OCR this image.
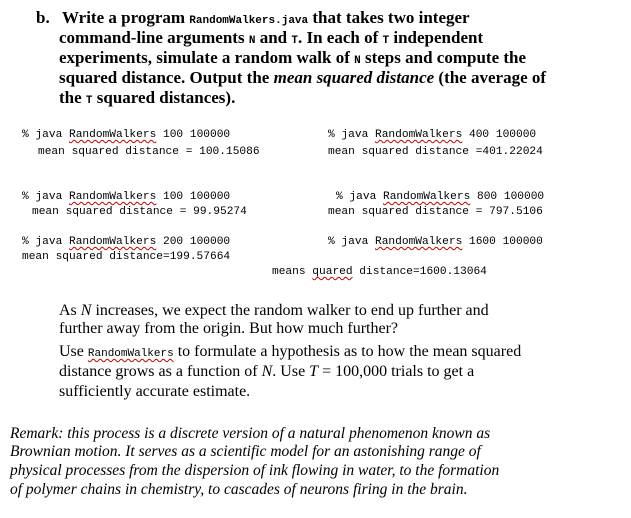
b. Write a program RandomWalkers.java that takes two integer
command-line arguments N and T. In each of T independent
experiments, simulate a random walk of N steps and compute the
squared distance. Output the mean squared distance (the average of
the T squared distances).
% java RandomWalkers 100 100000
mean squared distance = 100.15086
% java RandomWalkers 400 100000
mean squared distance =401.22024
% java RandomWalkers 100 100000
mean squared distance = 99.95274
% java RandomWalkers 800 100000
mean squared distance = 797.5106
% java RandomWalkers 200 100000
mean squared distance=199.57664
% java RandomWalkers 1600 100000
means quared distance=1600.13064
As N increases, we expect the random walker to end up further and
further away from the origin. But how much further?
Use RandomWalkers to formulate a hypothesis as to how the mean squared
distance grows as a function of N. Use T = 100,000 trials to get a
sufficiently accurate estimate.
Remark: this process is a discrete version of a natural phenomenon known as
Brownian motion. It serves as a scientific model for an astonishing range of
physical processes from the dispersion of ink flowing in water, to the formation
of polymer chains in chemistry, to cascades of neurons firing in the brain.
